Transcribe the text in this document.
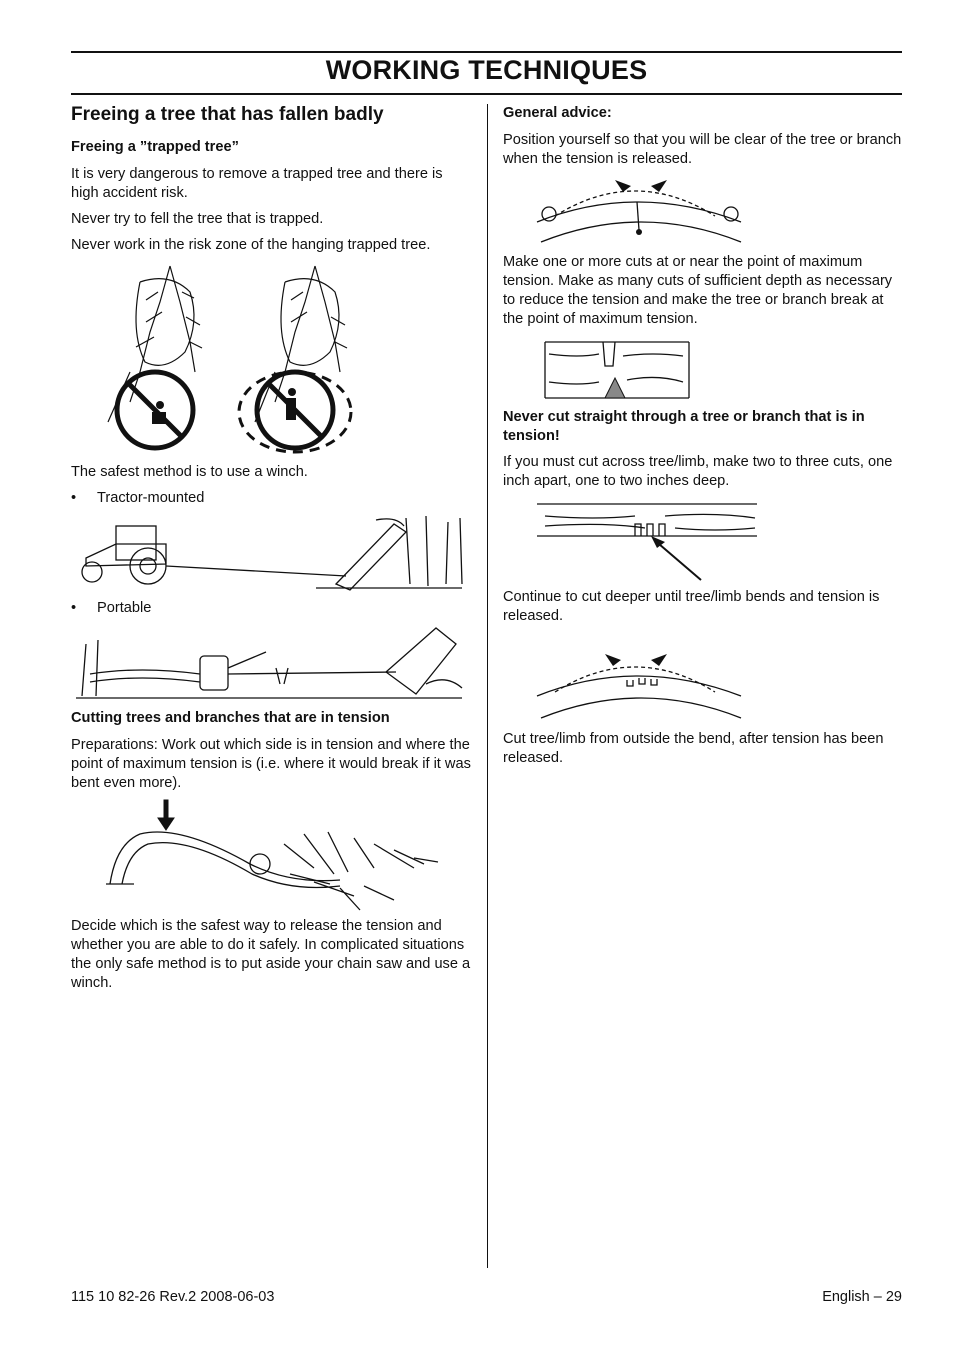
WORKING TECHNIQUES
Freeing a tree that has fallen badly
Freeing a ”trapped tree”
It is very dangerous to remove a trapped tree and there is high accident risk.
Never try to fell the tree that is trapped.
Never work in the risk zone of the hanging trapped tree.
The safest method is to use a winch.
• Tractor-mounted
• Portable
Cutting trees and branches that are in tension
Preparations: Work out which side is in tension and where the point of maximum tension is (i.e. where it would break if it was bent even more).
Decide which is the safest way to release the tension and whether you are able to do it safely. In complicated situations the only safe method is to put aside your chain saw and use a winch.
General advice:
Position yourself so that you will be clear of the tree or branch when the tension is released.
Make one or more cuts at or near the point of maximum tension. Make as many cuts of sufficient depth as necessary to reduce the tension and make the tree or branch break at the point of maximum tension.
Never cut straight through a tree or branch that is in tension!
If you must cut across tree/limb, make two to three cuts, one inch apart, one to two inches deep.
Continue to cut deeper until tree/limb bends and tension is released.
Cut tree/limb from outside the bend, after tension has been released.
115 10 82-26 Rev.2 2008-06-03	English – 29
